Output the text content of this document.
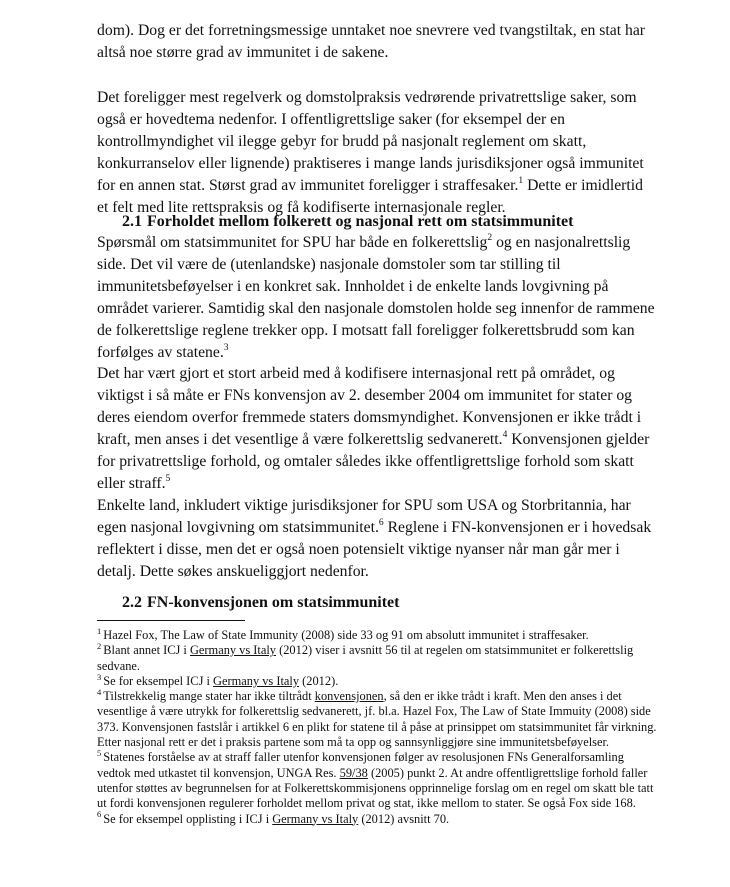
dom). Dog er det forretningsmessige unntaket noe snevrere ved tvangstiltak, en stat har altså noe større grad av immunitet i de sakene.

Det foreligger mest regelverk og domstolpraksis vedrørende privatrettslige saker, som også er hovedtema nedenfor. I offentligrettslige saker (for eksempel der en kontrollmyndighet vil ilegge gebyr for brudd på nasjonalt reglement om skatt, konkurranselov eller lignende) praktiseres i mange lands jurisdiksjoner også immunitet for en annen stat. Størst grad av immunitet foreligger i straffesaker.$^1$ Dette er imidlertid et felt med lite rettspraksis og få kodifiserte internasjonale regler.

2.1 Forholdet mellom folkerett og nasjonal rett om statsimmunitet

Spørsmål om statsimmunitet for SPU har både en folkerettslig$^2$ og en nasjonalrettslig side. Det vil være de (utenlandske) nasjonale domstoler som tar stilling til immunitetsbeføyelser i en konkret sak. Innholdet i de enkelte lands lovgivning på området varierer. Samtidig skal den nasjonale domstolen holde seg innenfor de rammene de folkerettslige reglene trekker opp. I motsatt fall foreligger folkerettsbrudd som kan forfølges av statene.$^3$

Det har vært gjort et stort arbeid med å kodifisere internasjonal rett på området, og viktigst i så måte er FNs konvensjon av 2. desember 2004 om immunitet for stater og deres eiendom overfor fremmede staters domsmyndighet. Konvensjonen er ikke trådt i kraft, men anses i det vesentlige å være folkerettslig sedvanerett.$^4$ Konvensjonen gjelder for privatrettslige forhold, og omtaler således ikke offentligrettslige forhold som skatt eller straff.$^5$

Enkelte land, inkludert viktige jurisdiksjoner for SPU som USA og Storbritannia, har egen nasjonal lovgivning om statsimmunitet.$^6$ Reglene i FN-konvensjonen er i hovedsak reflektert i disse, men det er også noen potensielt viktige nyanser når man går mer i detalj. Dette søkes anskueliggjort nedenfor.

2.2 FN-konvensjonen om statsimmunitet

$^1$ Hazel Fox, The Law of State Immunity (2008) side 33 og 91 om absolutt immunitet i straffesaker.

$^2$ Blant annet ICJ i Germany vs Italy (2012) viser i avsnitt 56 til at regelen om statsimmunitet er folkerettslig sedvane.

$^3$ Se for eksempel ICJ i Germany vs Italy (2012).

$^4$ Tilstrekkelig mange stater har ikke tiltrådt konvensjonen, så den er ikke trådt i kraft. Men den anses i det vesentlige å være utrykk for folkerettslig sedvanerett, jf. bl.a. Hazel Fox, The Law of State Immuity (2008) side 373. Konvensjonen fastslår i artikkel 6 en plikt for statene til å påse at prinsippet om statsimmunitet får virkning. Etter nasjonal rett er det i praksis partene som må ta opp og sannsynliggjøre sine immunitetsbeføyelser.

$^5$ Statenes forståelse av at straff faller utenfor konvensjonen følger av resolusjonen FNs Generalforsamling vedtok med utkastet til konvensjon, UNGA Res. 59/38 (2005) punkt 2. At andre offentligrettslige forhold faller utenfor støttes av begrunnelsen for at Folkerettskommisjonens opprinnelige forslag om en regel om skatt ble tatt ut fordi konvensjonen regulerer forholdet mellom privat og stat, ikke mellom to stater. Se også Fox side 168.

$^6$ Se for eksempel opplisting i ICJ i Germany vs Italy (2012) avsnitt 70.
